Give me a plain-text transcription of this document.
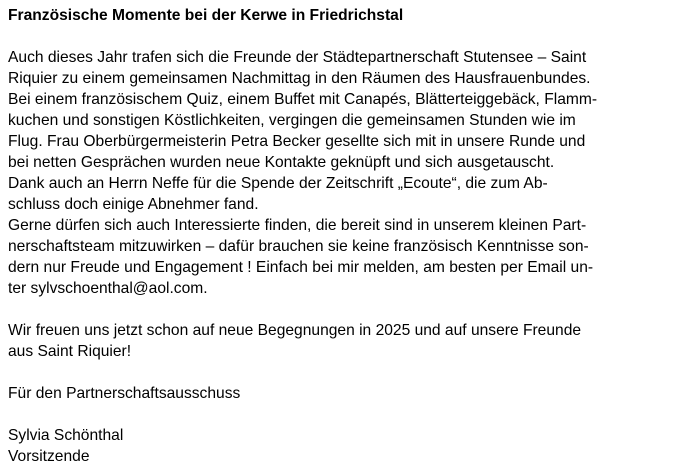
Französische Momente bei der Kerwe in Friedrichstal
Auch dieses Jahr trafen sich die Freunde der Städtepartnerschaft Stutensee – Saint
Riquier zu einem gemeinsamen Nachmittag in den Räumen des Hausfrauenbundes.
Bei einem französischem Quiz, einem Buffet mit Canapés, Blätterteiggebäck, Flamm-
kuchen und sonstigen Köstlichkeiten, vergingen die gemeinsamen Stunden wie im
Flug. Frau Oberbürgermeisterin Petra Becker gesellte sich mit in unsere Runde und
bei netten Gesprächen wurden neue Kontakte geknüpft und sich ausgetauscht.
Dank auch an Herrn Neffe für die Spende der Zeitschrift „Ecoute“, die zum Ab-
schluss doch einige Abnehmer fand.
Gerne dürfen sich auch Interessierte finden, die bereit sind in unserem kleinen Part-
nerschaftsteam mitzuwirken – dafür brauchen sie keine französisch Kenntnisse son-
dern nur Freude und Engagement ! Einfach bei mir melden, am besten per Email un-
ter sylvschoenthal@aol.com.
Wir freuen uns jetzt schon auf neue Begegnungen in 2025 und auf unsere Freunde
aus Saint Riquier!
Für den Partnerschaftsausschuss
Sylvia Schönthal
Vorsitzende
